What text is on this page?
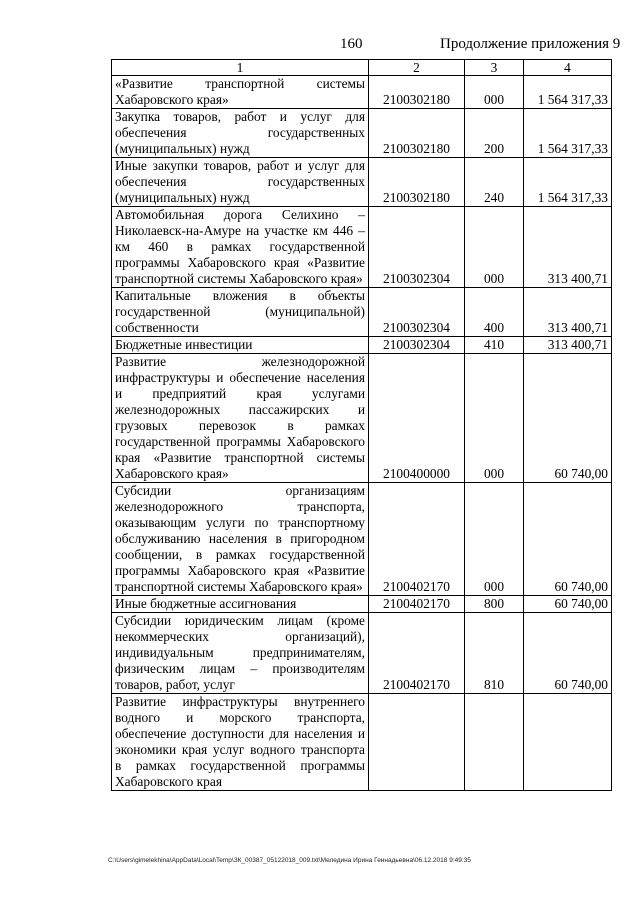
160	Продолжение приложения 9
1	2	3	4
«Развитие транспортной системы Хабаровского края»	2100302180	000	1 564 317,33
Закупка товаров, работ и услуг для обеспечения государственных (муниципальных) нужд	2100302180	200	1 564 317,33
Иные закупки товаров, работ и услуг для обеспечения государственных (муниципальных) нужд	2100302180	240	1 564 317,33
Автомобильная дорога Селихино – Николаевск-на-Амуре на участке км 446 – км 460 в рамках государственной программы Хабаровского края «Развитие транспортной системы Хабаровского края»	2100302304	000	313 400,71
Капитальные вложения в объекты государственной (муниципальной) собственности	2100302304	400	313 400,71
Бюджетные инвестиции	2100302304	410	313 400,71
Развитие железнодорожной инфраструктуры и обеспечение населения и предприятий края услугами железнодорожных пассажирских и грузовых перевозок в рамках государственной программы Хабаровского края «Развитие транспортной системы Хабаровского края»	2100400000	000	60 740,00
Субсидии организациям железнодорожного транспорта, оказывающим услуги по транспортному обслуживанию населения в пригородном сообщении, в рамках государственной программы Хабаровского края «Развитие транспортной системы Хабаровского края»	2100402170	000	60 740,00
Иные бюджетные ассигнования	2100402170	800	60 740,00
Субсидии юридическим лицам (кроме некоммерческих организаций), индивидуальным предпринимателям, физическим лицам – производителям товаров, работ, услуг	2100402170	810	60 740,00
Развитие инфраструктуры внутреннего водного и морского транспорта, обеспечение доступности для населения и экономики края услуг водного транспорта в рамках государственной программы Хабаровского края			
C:\Users\gimelekhina\AppData\Local\Temp\ЗК_00387_05122018_009.txt\Меледина Ирина Геннадьевна\06.12.2018 9:49:35
